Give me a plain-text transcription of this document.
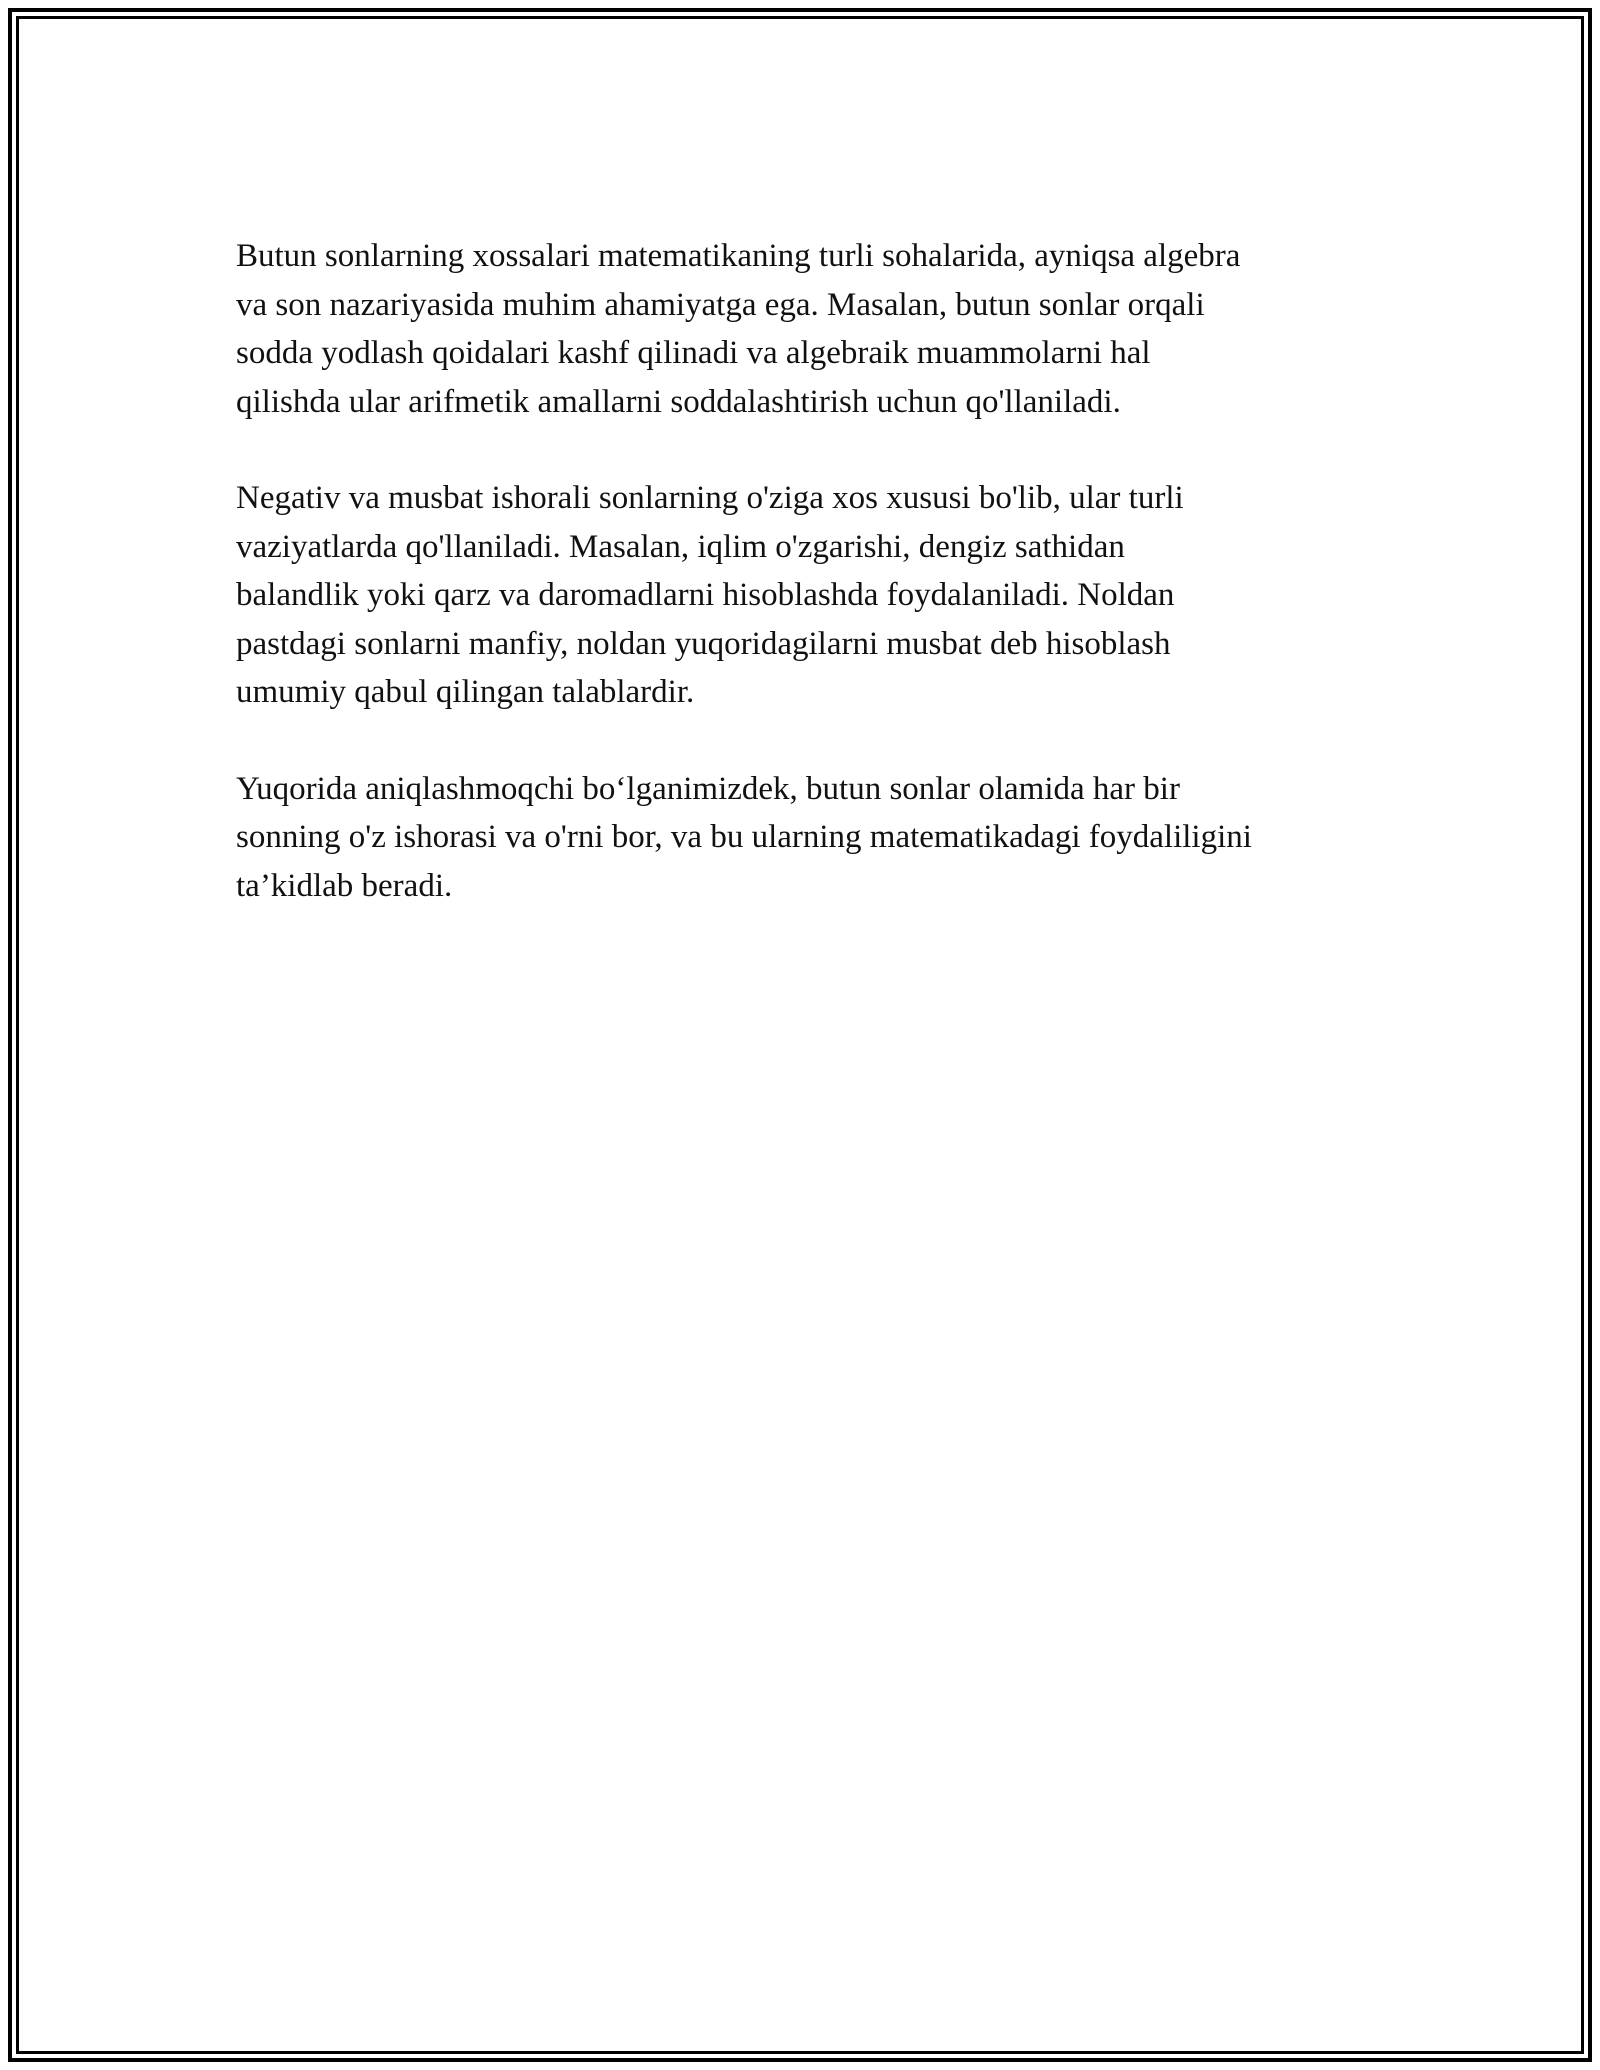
Butun sonlarning xossalari matematikaning turli sohalarida, ayniqsa algebra
va son nazariyasida muhim ahamiyatga ega. Masalan, butun sonlar orqali
sodda yodlash qoidalari kashf qilinadi va algebraik muammolarni hal
qilishda ular arifmetik amallarni soddalashtirish uchun qo'llaniladi.

Negativ va musbat ishorali sonlarning o'ziga xos xususi bo'lib, ular turli
vaziyatlarda qo'llaniladi. Masalan, iqlim o'zgarishi, dengiz sathidan
balandlik yoki qarz va daromadlarni hisoblashda foydalaniladi. Noldan
pastdagi sonlarni manfiy, noldan yuqoridagilarni musbat deb hisoblash
umumiy qabul qilingan talablardir.

Yuqorida aniqlashmoqchi bo‘lganimizdek, butun sonlar olamida har bir
sonning o'z ishorasi va o'rni bor, va bu ularning matematikadagi foydaliligini
ta’kidlab beradi.
